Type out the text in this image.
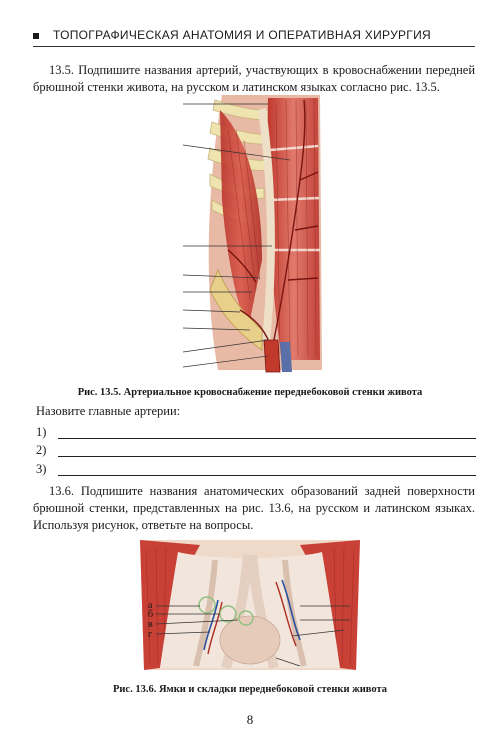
ТОПОГРАФИЧЕСКАЯ АНАТОМИЯ И ОПЕРАТИВНАЯ ХИРУРГИЯ
13.5. Подпишите названия артерий, участвующих в кровоснабжении передней брюшной стенки живота, на русском и латинском языках согласно рис. 13.5.
Рис. 13.5. Артериальное кровоснабжение переднебоковой стенки живота
Назовите главные артерии:
1)
2)
3)
13.6. Подпишите названия анатомических образований задней поверхности брюшной стенки, представленных на рис. 13.6, на русском и латинском языках. Используя рисунок, ответьте на вопросы.
а
б
в
г
Рис. 13.6. Ямки и складки переднебоковой стенки живота
8
